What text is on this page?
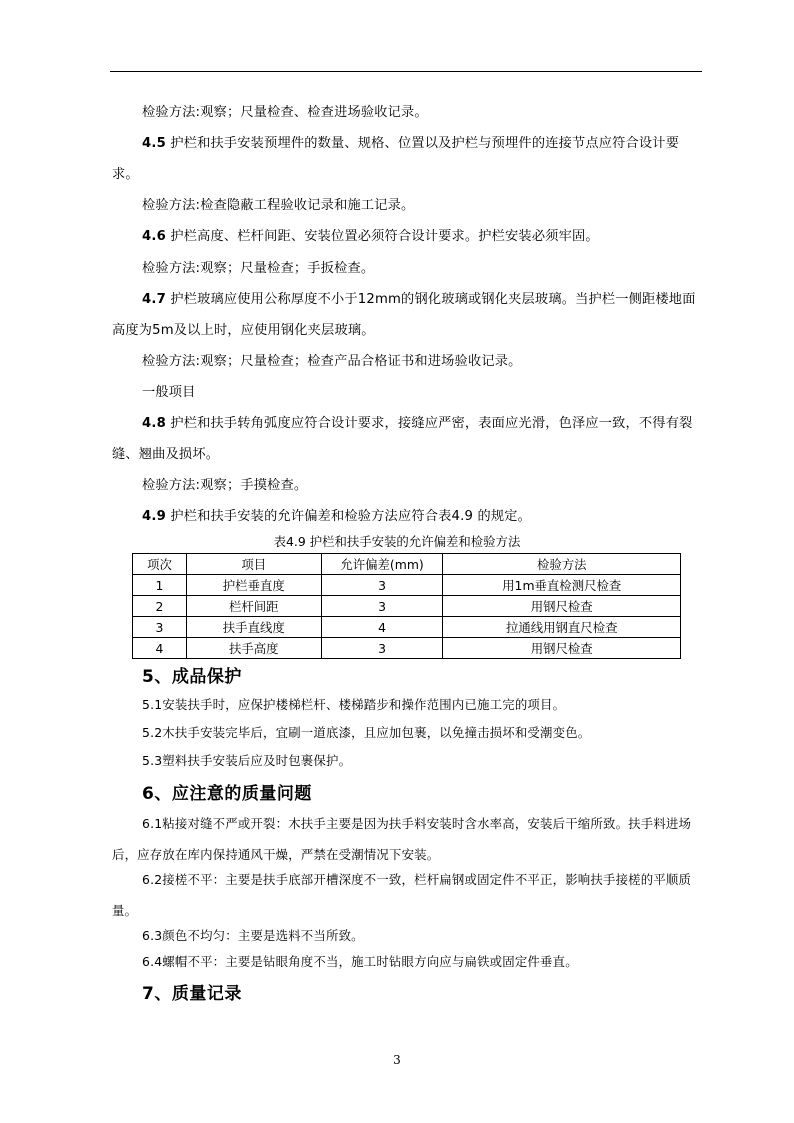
检验方法:观察；尺量检查、检查进场验收记录。
4.5 护栏和扶手安装预埋件的数量、规格、位置以及护栏与预埋件的连接节点应符合设计要求。
检验方法:检查隐蔽工程验收记录和施工记录。
4.6 护栏高度、栏杆间距、安装位置必须符合设计要求。护栏安装必须牢固。
检验方法:观察；尺量检查；手扳检查。
4.7 护栏玻璃应使用公称厚度不小于12mm的钢化玻璃或钢化夹层玻璃。当护栏一侧距楼地面高度为5m及以上时，应使用钢化夹层玻璃。
检验方法:观察；尺量检查；检查产品合格证书和进场验收记录。
一般项目
4.8 护栏和扶手转角弧度应符合设计要求，接缝应严密，表面应光滑，色泽应一致，不得有裂缝、翘曲及损坏。
检验方法:观察；手摸检查。
4.9 护栏和扶手安装的允许偏差和检验方法应符合表4.9 的规定。
表4.9 护栏和扶手安装的允许偏差和检验方法
项次	项目	允许偏差(mm)	检验方法
1	护栏垂直度	3	用1m垂直检测尺检查
2	栏杆间距	3	用钢尺检查
3	扶手直线度	4	拉通线用钢直尺检查
4	扶手高度	3	用钢尺检查
5、成品保护
5.1安装扶手时，应保护楼梯栏杆、楼梯踏步和操作范围内已施工完的项目。
5.2木扶手安装完毕后，宜刷一道底漆，且应加包裹，以免撞击损坏和受潮变色。
5.3塑料扶手安装后应及时包裹保护。
6、应注意的质量问题
6.1粘接对缝不严或开裂：木扶手主要是因为扶手料安装时含水率高，安装后干缩所致。扶手料进场后，应存放在库内保持通风干燥，严禁在受潮情况下安装。
6.2接槎不平：主要是扶手底部开槽深度不一致，栏杆扁钢或固定件不平正，影响扶手接槎的平顺质量。
6.3颜色不均匀：主要是选料不当所致。
6.4螺帽不平：主要是钻眼角度不当，施工时钻眼方向应与扁铁或固定件垂直。
7、质量记录
3
